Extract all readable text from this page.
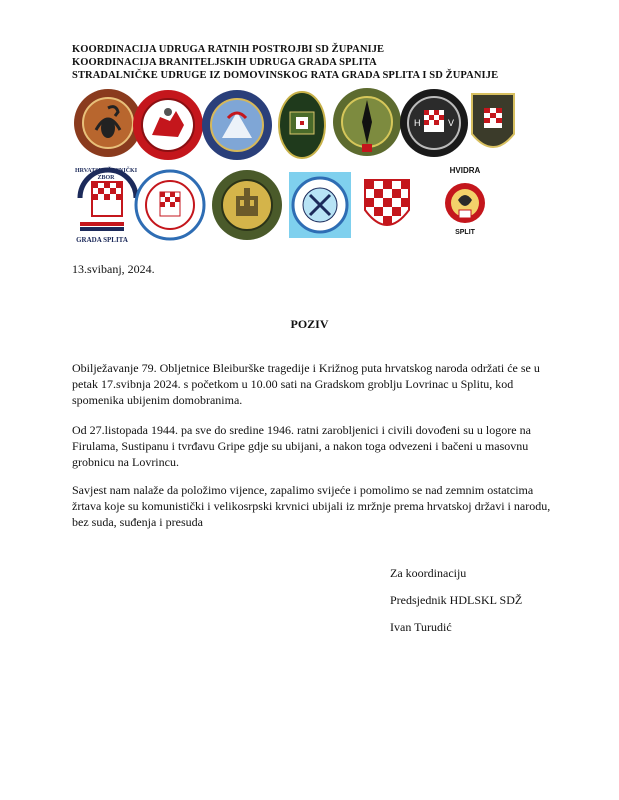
KOORDINACIJA UDRUGA RATNIH POSTROJBI SD ŽUPANIJE
KOORDINACIJA BRANITELJSKIH UDRUGA GRADA SPLITA
STRADALNIČKE UDRUGE IZ DOMOVINSKOG RATA GRADA SPLITA I SD ŽUPANIJE
H	V
HRVATSKI ČASNIČKI ZBOR
GRADA SPLITA
HVIDRA
SPLIT
13.svibanj, 2024.
POZIV
Obilježavanje 79. Obljetnice Bleiburške tragedije i Križnog puta hrvatskog naroda održati će se u petak 17.svibnja 2024. s početkom u 10.00 sati na Gradskom groblju Lovrinac u Splitu, kod spomenika ubijenim domobranima.
Od 27.listopada 1944. pa sve do sredine 1946. ratni zarobljenici i civili dovođeni su u logore na Firulama, Sustipanu i tvrđavu Gripe gdje su ubijani, a nakon toga odvezeni i bačeni u masovnu grobnicu na Lovrincu.
Savjest nam nalaže da položimo vijence, zapalimo svijeće i pomolimo se nad zemnim ostatcima žrtava koje su komunistički i velikosrpski krvnici ubijali iz mržnje prema hrvatskoj državi i narodu, bez suda, suđenja i presuda
Za koordinaciju
Predsjednik HDLSKL SDŽ
Ivan Turudić
